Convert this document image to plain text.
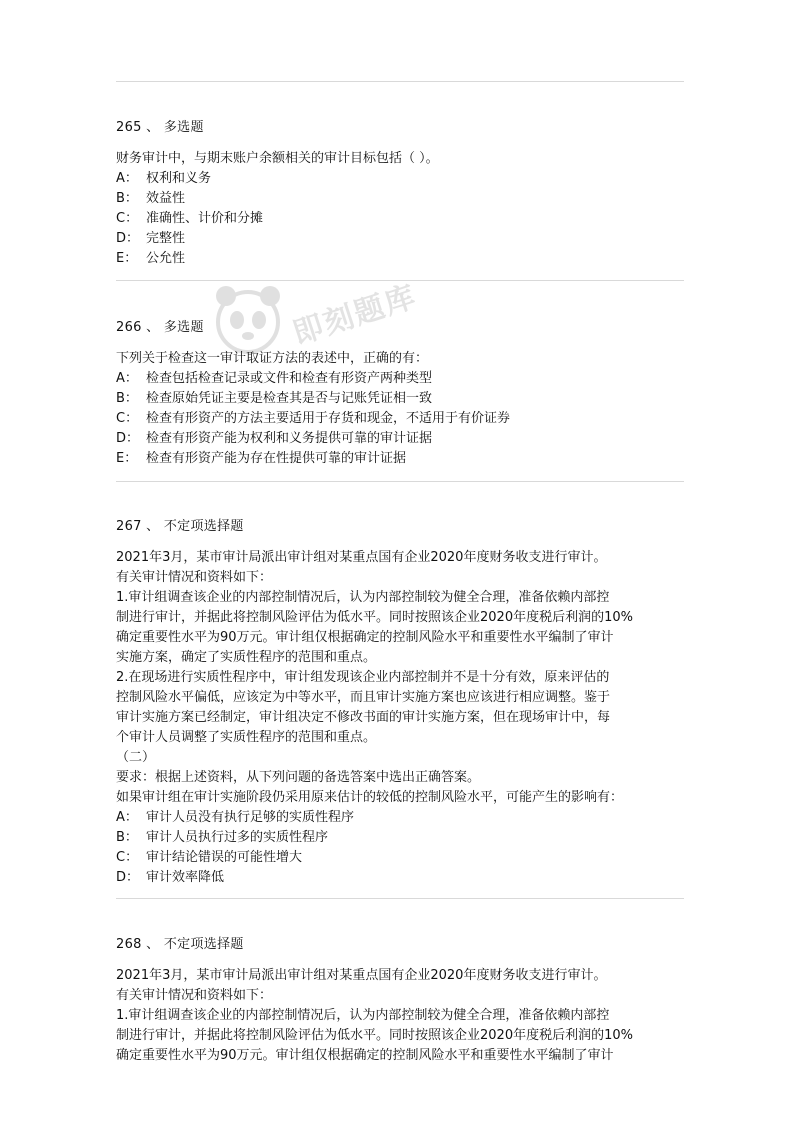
265 、 多选题
财务审计中，与期末账户余额相关的审计目标包括（ ）。
A： 权利和义务
B： 效益性
C： 准确性、计价和分摊
D： 完整性
E： 公允性
266 、 多选题
下列关于检查这一审计取证方法的表述中，正确的有：
A： 检查包括检查记录或文件和检查有形资产两种类型
B： 检查原始凭证主要是检查其是否与记账凭证相一致
C： 检查有形资产的方法主要适用于存货和现金，不适用于有价证券
D： 检查有形资产能为权利和义务提供可靠的审计证据
E： 检查有形资产能为存在性提供可靠的审计证据
267 、 不定项选择题
2021年3月，某市审计局派出审计组对某重点国有企业2020年度财务收支进行审计。
有关审计情况和资料如下：
1.审计组调查该企业的内部控制情况后，认为内部控制较为健全合理，准备依赖内部控
制进行审计，并据此将控制风险评估为低水平。同时按照该企业2020年度税后利润的10%
确定重要性水平为90万元。审计组仅根据确定的控制风险水平和重要性水平编制了审计
实施方案，确定了实质性程序的范围和重点。
2.在现场进行实质性程序中，审计组发现该企业内部控制并不是十分有效，原来评估的
控制风险水平偏低，应该定为中等水平，而且审计实施方案也应该进行相应调整。鉴于
审计实施方案已经制定，审计组决定不修改书面的审计实施方案，但在现场审计中，每
个审计人员调整了实质性程序的范围和重点。
（二）
要求：根据上述资料，从下列问题的备选答案中选出正确答案。
如果审计组在审计实施阶段仍采用原来估计的较低的控制风险水平，可能产生的影响有：
A： 审计人员没有执行足够的实质性程序
B： 审计人员执行过多的实质性程序
C： 审计结论错误的可能性增大
D： 审计效率降低
268 、 不定项选择题
2021年3月，某市审计局派出审计组对某重点国有企业2020年度财务收支进行审计。
有关审计情况和资料如下：
1.审计组调查该企业的内部控制情况后，认为内部控制较为健全合理，准备依赖内部控
制进行审计，并据此将控制风险评估为低水平。同时按照该企业2020年度税后利润的10%
确定重要性水平为90万元。审计组仅根据确定的控制风险水平和重要性水平编制了审计
即刻题库
